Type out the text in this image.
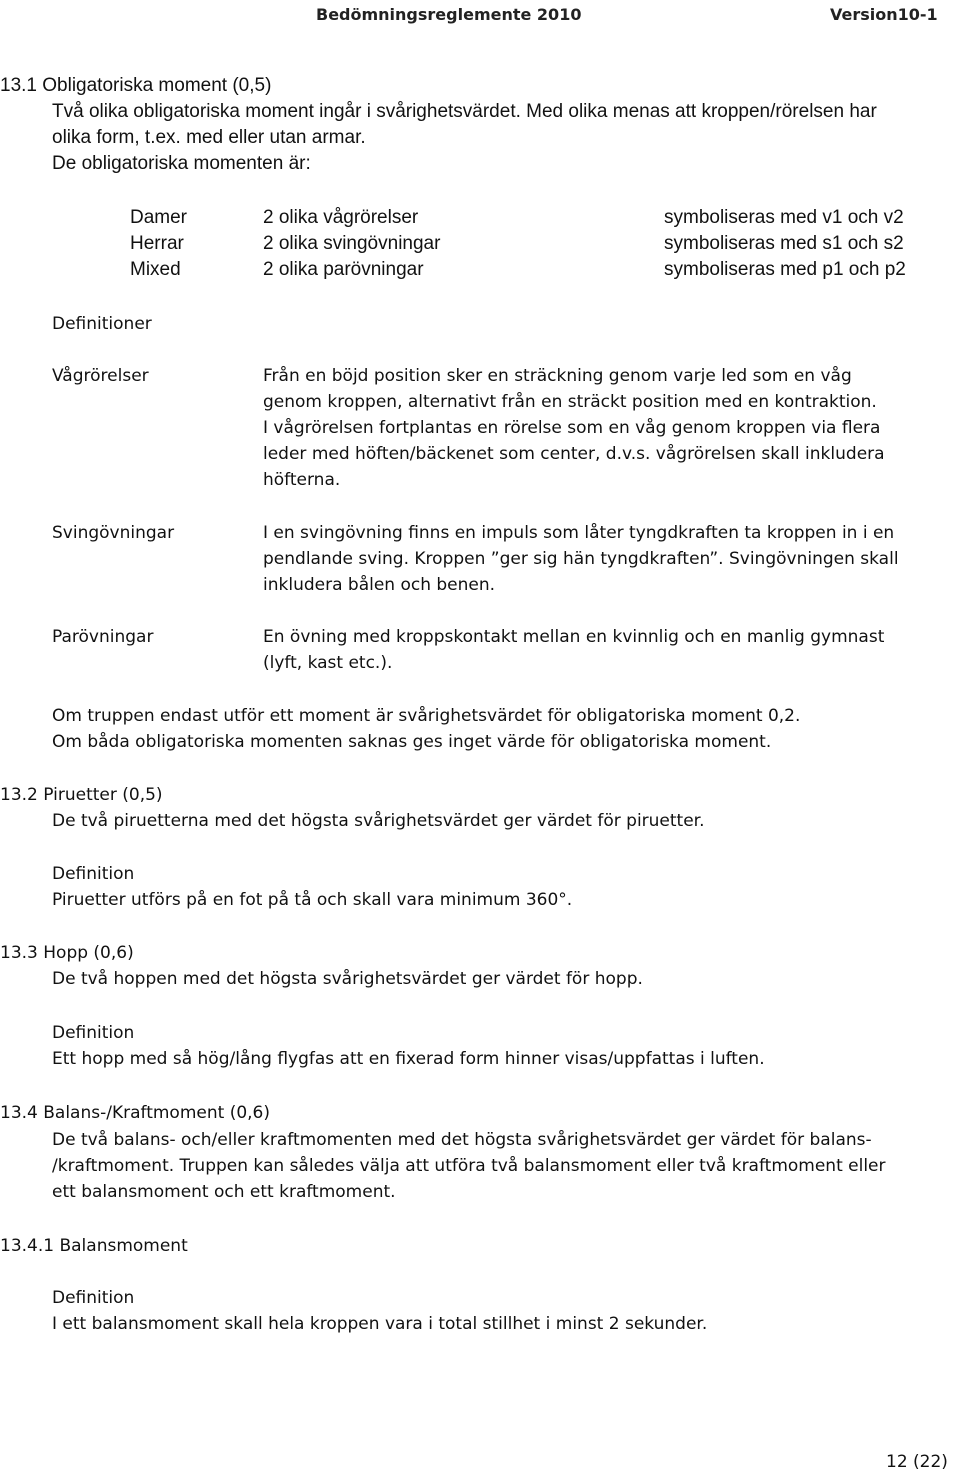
Bedömningsreglemente 2010	Version10-1
13.1 Obligatoriska moment (0,5)
Två olika obligatoriska moment ingår i svårighetsvärdet. Med olika menas att kroppen/rörelsen har
olika form, t.ex. med eller utan armar.
De obligatoriska momenten är:
Damer	2 olika vågrörelser	symboliseras med v1 och v2
Herrar	2 olika svingövningar	symboliseras med s1 och s2
Mixed	2 olika parövningar	symboliseras med p1 och p2
Definitioner
Vågrörelser	Från en böjd position sker en sträckning genom varje led som en våg
genom kroppen, alternativt från en sträckt position med en kontraktion.
I vågrörelsen fortplantas en rörelse som en våg genom kroppen via flera
leder med höften/bäckenet som center, d.v.s. vågrörelsen skall inkludera
höfterna.
Svingövningar	I en svingövning finns en impuls som låter tyngdkraften ta kroppen in i en
pendlande sving. Kroppen ”ger sig hän tyngdkraften”. Svingövningen skall
inkludera bålen och benen.
Parövningar	En övning med kroppskontakt mellan en kvinnlig och en manlig gymnast
(lyft, kast etc.).
Om truppen endast utför ett moment är svårighetsvärdet för obligatoriska moment 0,2.
Om båda obligatoriska momenten saknas ges inget värde för obligatoriska moment.
13.2 Piruetter (0,5)
De två piruetterna med det högsta svårighetsvärdet ger värdet för piruetter.
Definition
Piruetter utförs på en fot på tå och skall vara minimum 360°.
13.3 Hopp (0,6)
De två hoppen med det högsta svårighetsvärdet ger värdet för hopp.
Definition
Ett hopp med så hög/lång flygfas att en fixerad form hinner visas/uppfattas i luften.
13.4 Balans-/Kraftmoment (0,6)
De två balans- och/eller kraftmomenten med det högsta svårighetsvärdet ger värdet för balans-
/kraftmoment. Truppen kan således välja att utföra två balansmoment eller två kraftmoment eller
ett balansmoment och ett kraftmoment.
13.4.1 Balansmoment
Definition
I ett balansmoment skall hela kroppen vara i total stillhet i minst 2 sekunder.
12 (22)
